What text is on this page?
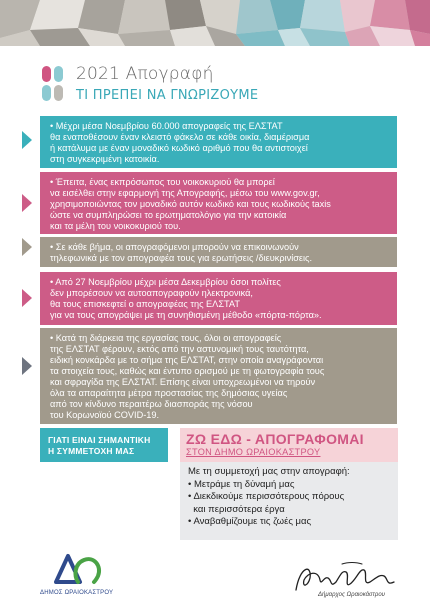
2021 Απογραφή
ΤΙ ΠΡΕΠΕΙ ΝΑ ΓΝΩΡΙΖΟΥΜΕ

• Μέχρι μέσα Νοεμβρίου 60.000 απογραφείς της ΕΛΣΤΑΤ

θα εναποθέσουν έναν κλειστό φάκελο σε κάθε οικία, διαμέρισμα

ή κατάλυμα με έναν μοναδικό κωδικό αριθμό που θα αντιστοιχεί

στη συγκεκριμένη κατοικία.

• Έπειτα, ένας εκπρόσωπος του νοικοκυριού θα μπορεί

να εισέλθει στην εφαρμογή της Απογραφής, μέσω του www.gov.gr,

χρησιμοποιώντας τον μοναδικό αυτόν κωδικό και τους κωδικούς taxis

ώστε να συμπληρώσει το ερωτηματολόγιο για την κατοικία

και τα μέλη του νοικοκυριού του.

• Σε κάθε βήμα, οι απογραφόμενοι μπορούν να επικοινωνούν

τηλεφωνικά με τον απογραφέα τους για ερωτήσεις /διευκρινίσεις.

• Από 27 Νοεμβρίου μέχρι μέσα Δεκεμβρίου όσοι πολίτες

δεν μπορέσουν να αυτοαπογραφούν ηλεκτρονικά,

θα τους επισκεφτεί ο απογραφέας της ΕΛΣΤΑΤ

για να τους απογράψει με τη συνηθισμένη μέθοδο «πόρτα-πόρτα».

• Κατά τη διάρκεια της εργασίας τους, όλοι οι απογραφείς

της ΕΛΣΤΑΤ φέρουν, εκτός από την αστυνομική τους ταυτότητα,

ειδική κονκάρδα με το σήμα της ΕΛΣΤΑΤ, στην οποία αναγράφονται

τα στοιχεία τους, καθώς και έντυπο ορισμού με τη φωτογραφία τους

και σφραγίδα της ΕΛΣΤΑΤ. Επίσης είναι υποχρεωμένοι να τηρούν

όλα τα απαραίτητα μέτρα προστασίας της δημόσιας υγείας

από τον κίνδυνο περαιτέρω διασποράς της νόσου

του Κορωνοϊού COVID-19.

ΓΙΑΤΙ ΕΙΝΑΙ ΣΗΜΑΝΤΙΚΗ
Η ΣΥΜΜΕΤΟΧΗ ΜΑΣ
ΖΩ ΕΔΩ - ΑΠΟΓΡΑΦΟΜΑΙ
ΣΤΟΝ ΔΗΜΟ ΩΡΑΙΟΚΑΣΤΡΟΥ
Με τη συμμετοχή μας στην απογραφή:
• Μετράμε τη δύναμή μας
• Διεκδικούμε περισσότερους πόρους
και περισσότερα έργα
• Αναβαθμίζουμε τις ζωές μας
ΔΗΜΟΣ ΩΡΑΙΟΚΑΣΤΡΟΥ	Δήμαρχος Ωραιοκάστρου
